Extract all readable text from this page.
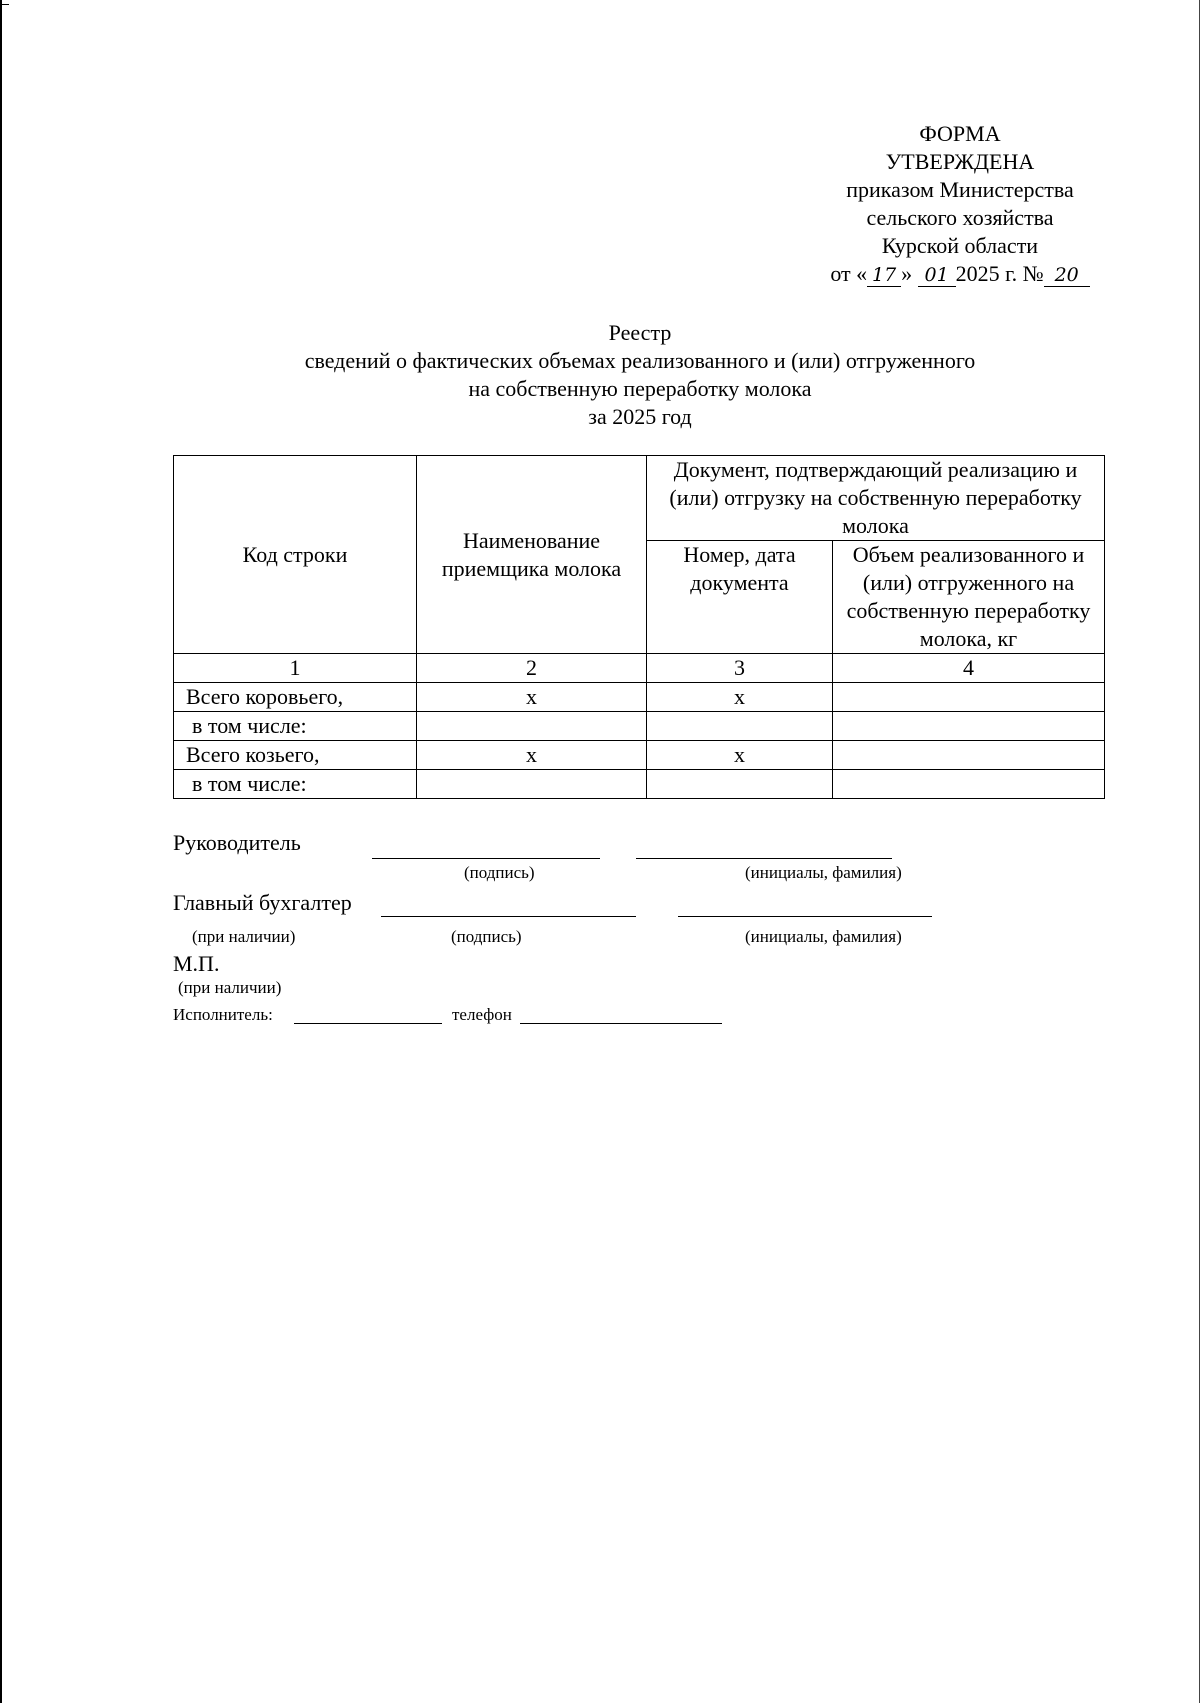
ФОРМА
УТВЕРЖДЕНА
приказом Министерства
сельского хозяйства
Курской области
от « 17 » 01 2025 г. № 20
Реестр
сведений о фактических объемах реализованного и (или) отгруженного
на собственную переработку молока
за 2025 год
Код строки	Наименование приемщика молока	Документ, подтверждающий реализацию и (или) отгрузку на собственную переработку молока	
		Номер, дата документа	Объем реализованного и (или) отгруженного на собственную переработку молока, кг
1	2	3	4
Всего коровьего,	х	х	
в том числе:			
Всего козьего,	х	х	
в том числе:			
Руководитель
(подпись)	(инициалы, фамилия)
Главный бухгалтер
(при наличии)	(подпись)	(инициалы, фамилия)
М.П.
(при наличии)
Исполнитель:	телефон
